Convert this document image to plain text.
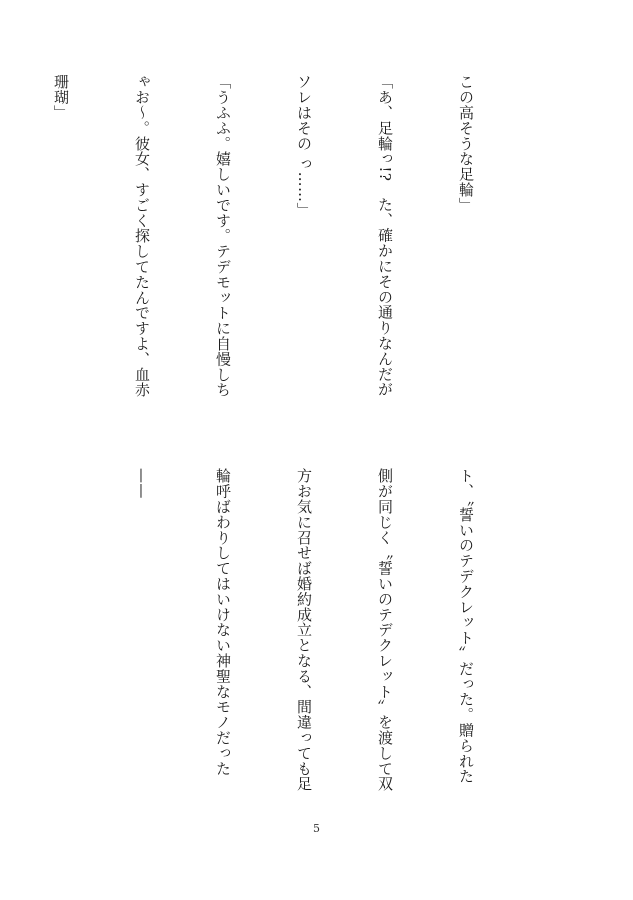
この高そうな足輪」

「あ、足輪っ!?　た、確かにその通りなんだが

ソレはその っ……」

「うふふ。嬉しいです。テデモットに自慢しち

ゃお〜。彼女、すごく探してたんですよ、血赤

珊瑚」

ト、〝誓いのテデクレット〟だった。贈られた

側が同じく〝誓いのテデクレット〟を渡して双

方お気に召せば婚約成立となる、間違っても足

輪呼ばわりしてはいけない神聖なモノだった

——

5
